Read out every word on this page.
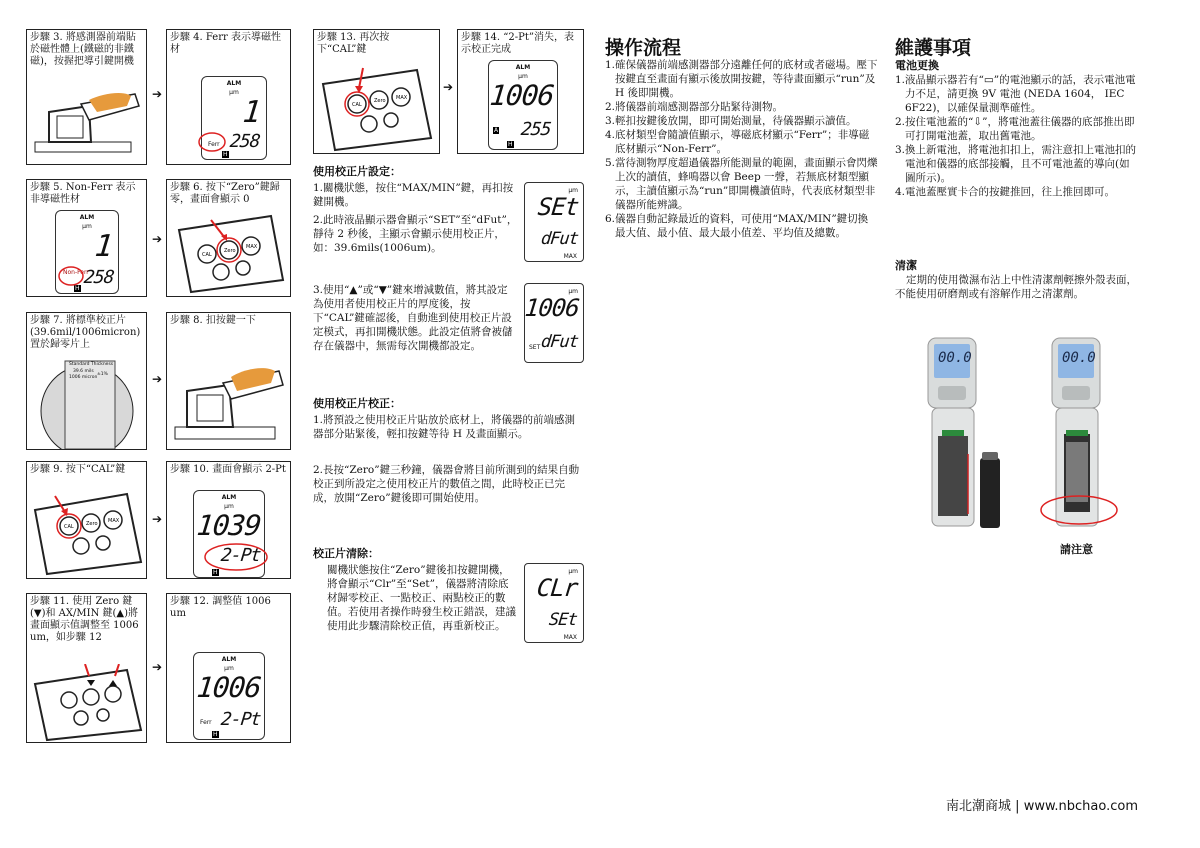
步驟 3. 將感測器前端貼於磁性體上(鐵磁的非鐵磁)，按握把導引鍵開機
➔
步驟 4. Ferr 表示導磁性材
ALM
µm
1
258
Ferr
H
步驟 5. Non-Ferr 表示非導磁性材
ALM
µm
1
258
Non-Ferr
H
➔
步驟 6. 按下“Zero”鍵歸零，畫面會顯示 0
CAL
Zero
MAX
步驟 7. 將標準校正片(39.6mil/1006micron) 置於歸零片上
Standard Thickness
39.6 mils
1006 micron
±1%	➔
步驟 8. 扣按鍵一下
步驟 9. 按下“CAL”鍵
CAL Zero MAX	➔
步驟 10. 畫面會顯示 2-Pt
ALM
µm
1039
2-Pt
H
步驟 11. 使用 Zero 鍵(▼)和 AX/MIN 鍵(▲)將畫面顯示值調整至 1006 um，如步驟 12
➔
步驟 12. 調整值 1006 um
ALM
µm
1006
2-Pt
Ferr
H
步驟 13. 再次按下“CAL”鍵
CAL
Zero MAX
➔
步驟 14. “2-Pt”消失，表示校正完成
ALM
µm
1006
255
A
H
使用校正片設定：
1.關機狀態，按住“MAX/MIN”鍵，再扣按鍵開機。
2.此時液晶顯示器會顯示“SET”至“dFut”，靜待 2 秒後，主顯示會顯示使用校正片，如：39.6mils(1006um)。
3.使用“▲”或“▼”鍵來增減數值，將其設定為使用者使用校正片的厚度後，按下“CAL”鍵確認後，自動進到使用校正片設定模式，再扣開機狀態。此設定值將會被儲存在儀器中，無需每次開機都設定。
µm
SEt
dFut
MAX
µm
1006
SET dFut
使用校正片校正：
1.將預設之使用校正片貼放於底材上，將儀器的前端感測器部分貼緊後，輕扣按鍵等待 H 及畫面顯示。
2.長按“Zero”鍵三秒鐘，儀器會將目前所測到的結果自動校正到所設定之使用校正片的數值之間，此時校正已完成，放開“Zero”鍵後即可開始使用。
校正片清除：
關機狀態按住“Zero”鍵後扣按鍵開機，將會顯示“Clr”至“Set”，儀器將清除底材歸零校正、一點校正、兩點校正的數值。若使用者操作時發生校正錯誤，建議使用此步驟清除校正值，再重新校正。
µm
CLr
SEt
MAX
操作流程
1.確保儀器前端感測器部分遠離任何的底材或者磁場。壓下按鍵直至畫面有顯示後放開按鍵，等待畫面顯示“run”及 H 後即開機。
2.將儀器前端感測器部分貼緊待測物。
3.輕扣按鍵後放開，即可開始測量，待儀器顯示讀值。
4.底材類型會隨讀值顯示，導磁底材顯示“Ferr”；非導磁底材顯示“Non-Ferr”。
5.當待測物厚度超過儀器所能測量的範圍，畫面顯示會閃爍上次的讀值，蜂鳴器以會 Beep 一聲，若無底材類型顯示，主讀值顯示為“run”即開機讀值時，代表底材類型非儀器所能辨識。
6.儀器自動記錄最近的資料，可使用“MAX/MIN”鍵切換最大值、最小值、最大最小值差、平均值及總數。
維護事項
電池更換
1.液晶顯示器若有“▭”的電池顯示的話，表示電池電力不足，請更換 9V 電池 (NEDA 1604， IEC 6F22)，以確保量測準確性。
2.按住電池蓋的“⇩”，將電池蓋往儀器的底部推出即可打開電池蓋，取出舊電池。
3.換上新電池，將電池扣扣上，需注意扣上電池扣的電池和儀器的底部接觸，且不可電池蓋的導向(如圖所示)。
4.電池蓋壓實卡合的按鍵推回，往上推回即可。
清潔
定期的使用微濕布沾上中性清潔劑輕擦外殼表面，不能使用研磨劑或有溶解作用之清潔劑。
00.0	00.0
請注意
南北潮商城 | www.nbchao.com
